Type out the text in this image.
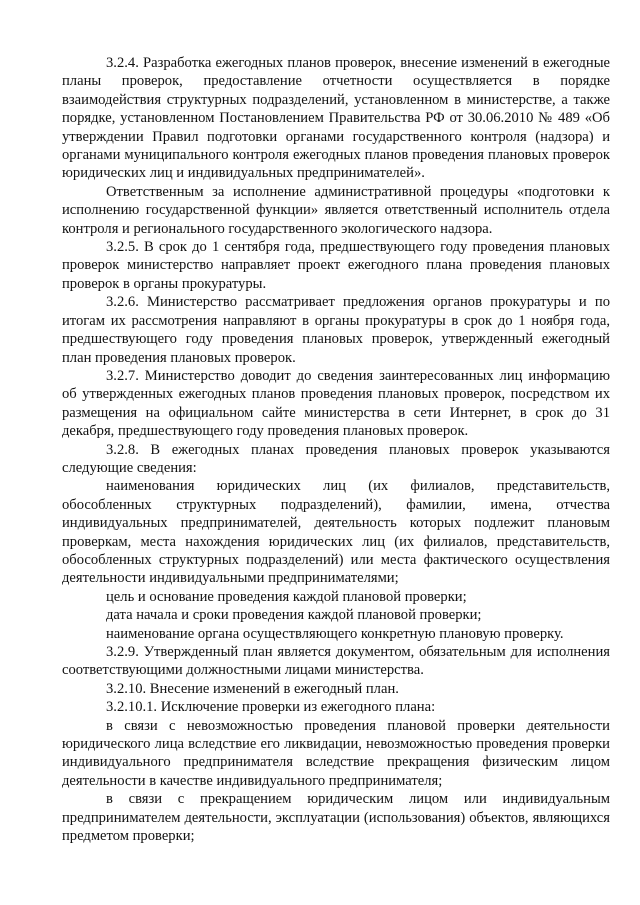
3.2.4. Разработка ежегодных планов проверок, внесение изменений в ежегодные планы проверок, предоставление отчетности осуществляется в порядке взаимодействия структурных подразделений, установленном в министерстве, а также порядке, установленном Постановлением Правительства РФ от 30.06.2010 № 489 «Об утверждении Правил подготовки органами государственного контроля (надзора) и органами муниципального контроля ежегодных планов проведения плановых проверок юридических лиц и индивидуальных предпринимателей».

Ответственным за исполнение административной процедуры «подготовки к исполнению государственной функции» является ответственный исполнитель отдела контроля и регионального государственного экологического надзора.

3.2.5. В срок до 1 сентября года, предшествующего году проведения плановых проверок министерство направляет проект ежегодного плана проведения плановых проверок в органы прокуратуры.

3.2.6. Министерство рассматривает предложения органов прокуратуры и по итогам их рассмотрения направляют в органы прокуратуры в срок до 1 ноября года, предшествующего году проведения плановых проверок, утвержденный ежегодный план проведения плановых проверок.

3.2.7. Министерство доводит до сведения заинтересованных лиц информацию об утвержденных ежегодных планов проведения плановых проверок, посредством их размещения на официальном сайте министерства в сети Интернет, в срок до 31 декабря, предшествующего году проведения плановых проверок.

3.2.8. В ежегодных планах проведения плановых проверок указываются следующие сведения:

наименования юридических лиц (их филиалов, представительств, обособленных структурных подразделений), фамилии, имена, отчества индивидуальных предпринимателей, деятельность которых подлежит плановым проверкам, места нахождения юридических лиц (их филиалов, представительств, обособленных структурных подразделений) или места фактического осуществления деятельности индивидуальными предпринимателями;

цель и основание проведения каждой плановой проверки;

дата начала и сроки проведения каждой плановой проверки;

наименование органа осуществляющего конкретную плановую проверку.

3.2.9. Утвержденный план является документом, обязательным для исполнения соответствующими должностными лицами министерства.

3.2.10. Внесение изменений в ежегодный план.

3.2.10.1. Исключение проверки из ежегодного плана:

в связи с невозможностью проведения плановой проверки деятельности юридического лица вследствие его ликвидации, невозможностью проведения проверки индивидуального предпринимателя вследствие прекращения физическим лицом деятельности в качестве индивидуального предпринимателя;

в связи с прекращением юридическим лицом или индивидуальным предпринимателем деятельности, эксплуатации (использования) объектов, являющихся предметом проверки;
